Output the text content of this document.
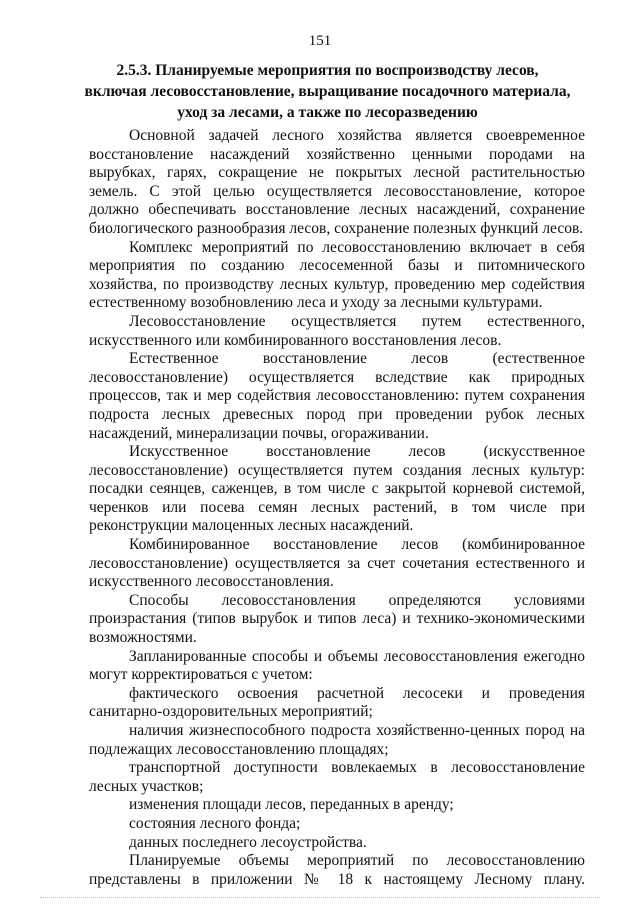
151
2.5.3. Планируемые мероприятия по воспроизводству лесов,
включая лесовосстановление, выращивание посадочного материала,
уход за лесами, а также по лесоразведению

Основной задачей лесного хозяйства является своевременное восстановление насаждений хозяйственно ценными породами на вырубках, гарях, сокращение не покрытых лесной растительностью земель. С этой целью осуществляется лесовосстановление, которое должно обеспечивать восстановление лесных насаждений, сохранение биологического разнообразия лесов, сохранение полезных функций лесов.

Комплекс мероприятий по лесовосстановлению включает в себя мероприятия по созданию лесосеменной базы и питомнического хозяйства, по производству лесных культур, проведению мер содействия естественному возобновлению леса и уходу за лесными культурами.

Лесовосстановление осуществляется путем естественного, искусственного или комбинированного восстановления лесов.

Естественное восстановление лесов (естественное лесовосстановление) осуществляется вследствие как природных процессов, так и мер содействия лесовосстановлению: путем сохранения подроста лесных древесных пород при проведении рубок лесных насаждений, минерализации почвы, огораживании.

Искусственное восстановление лесов (искусственное лесовосстановление) осуществляется путем создания лесных культур: посадки сеянцев, саженцев, в том числе с закрытой корневой системой, черенков или посева семян лесных растений, в том числе при реконструкции малоценных лесных насаждений.

Комбинированное восстановление лесов (комбинированное лесовосстановление) осуществляется за счет сочетания естественного и искусственного лесовосстановления.

Способы лесовосстановления определяются условиями произрастания (типов вырубок и типов леса) и технико-экономическими возможностями.

Запланированные способы и объемы лесовосстановления ежегодно могут корректироваться с учетом:

фактического освоения расчетной лесосеки и проведения санитарно-оздоровительных мероприятий;

наличия жизнеспособного подроста хозяйственно-ценных пород на подлежащих лесовосстановлению площадях;

транспортной доступности вовлекаемых в лесовосстановление лесных участков;

изменения площади лесов, переданных в аренду;

состояния лесного фонда;

данных последнего лесоустройства.

Планируемые объемы мероприятий по лесовосстановлению представлены в приложении № 18 к настоящему Лесному плану.
